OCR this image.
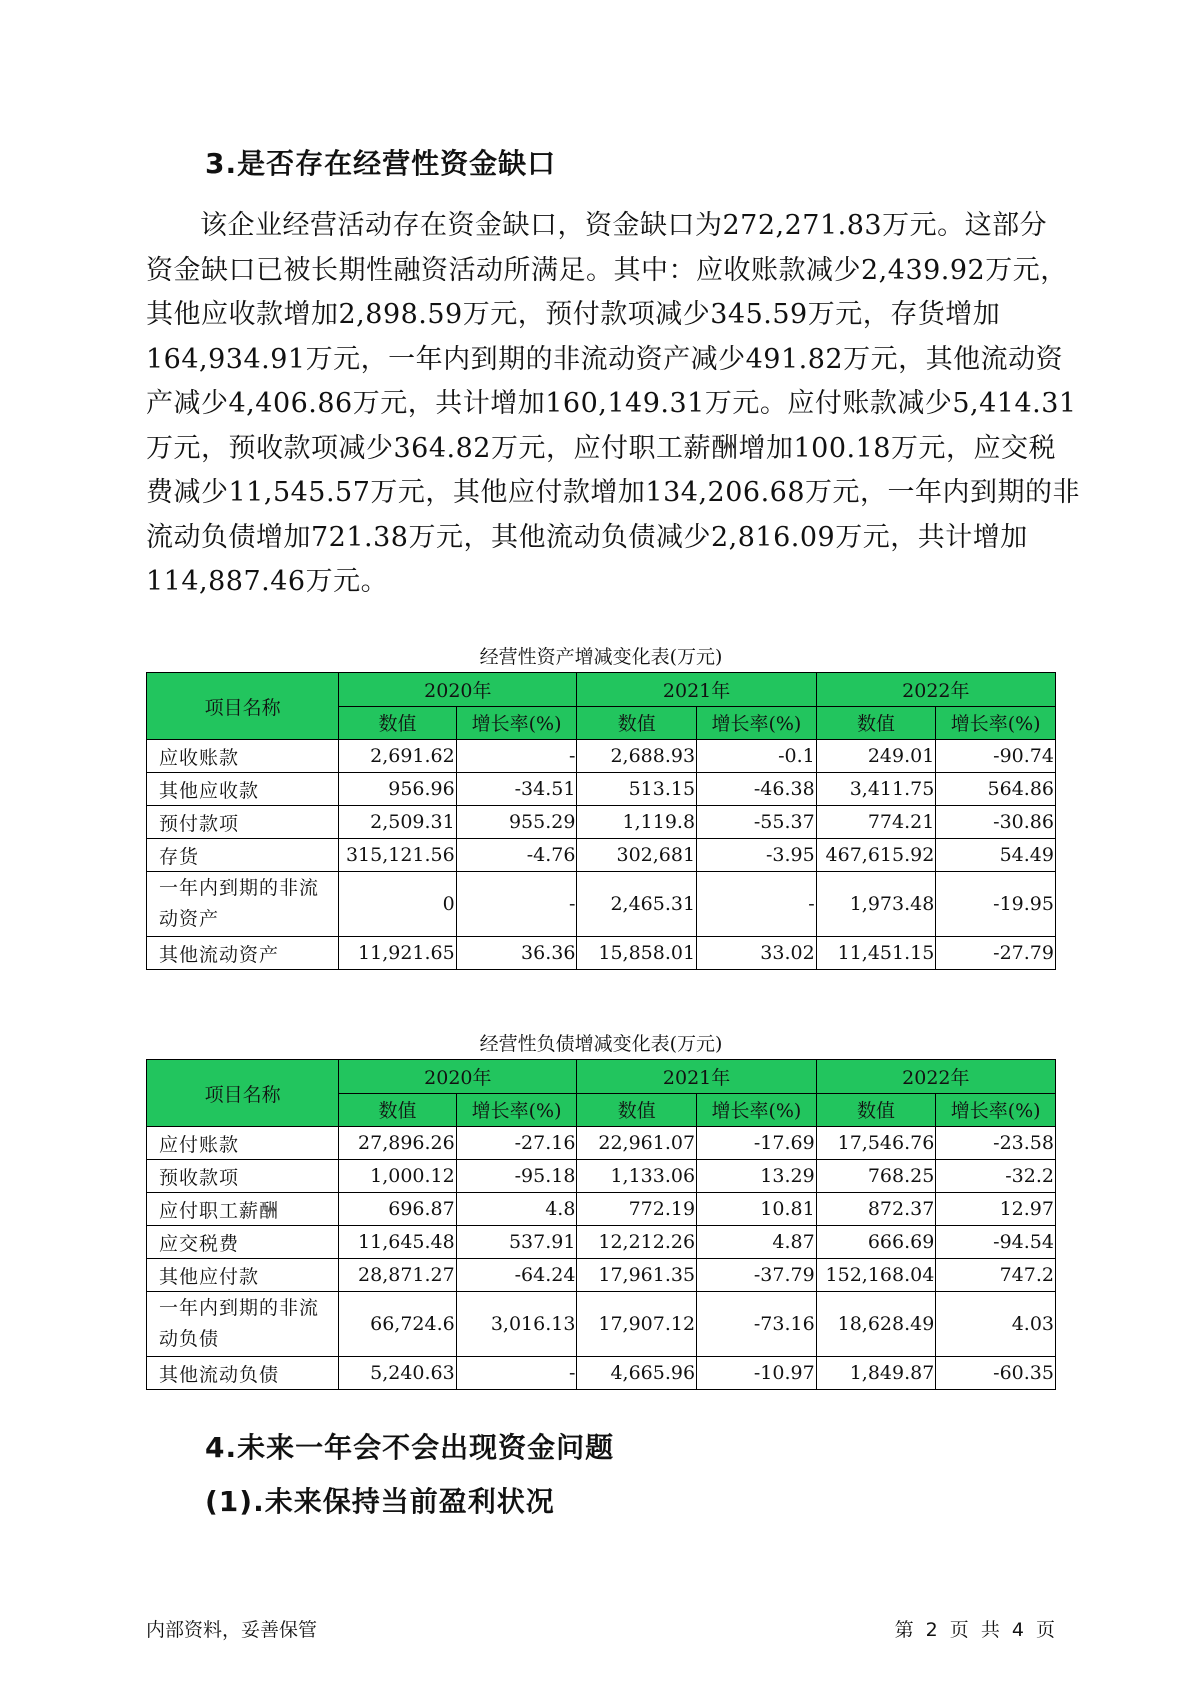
3.是否存在经营性资金缺口
该企业经营活动存在资金缺口，资金缺口为272,271.83万元。这部分
资金缺口已被长期性融资活动所满足。其中：应收账款减少2,439.92万元，
其他应收款增加2,898.59万元，预付款项减少345.59万元，存货增加
164,934.91万元，一年内到期的非流动资产减少491.82万元，其他流动资
产减少4,406.86万元，共计增加160,149.31万元。应付账款减少5,414.31
万元，预收款项减少364.82万元，应付职工薪酬增加100.18万元，应交税
费减少11,545.57万元，其他应付款增加134,206.68万元，一年内到期的非
流动负债增加721.38万元，其他流动负债减少2,816.09万元，共计增加
114,887.46万元。
经营性资产增减变化表(万元)
项目名称	2020年		2021年		2022年	
	数值	增长率(%)	数值	增长率(%)	数值	增长率(%)
应收账款	2,691.62	-	2,688.93	-0.1	249.01	-90.74
其他应收款	956.96	-34.51	513.15	-46.38	3,411.75	564.86
预付款项	2,509.31	955.29	1,119.8	-55.37	774.21	-30.86
存货	315,121.56	-4.76	302,681	-3.95	467,615.92	54.49
一年内到期的非流动资产	0	-	2,465.31	-	1,973.48	-19.95
其他流动资产	11,921.65	36.36	15,858.01	33.02	11,451.15	-27.79
经营性负债增减变化表(万元)
项目名称	2020年		2021年		2022年	
	数值	增长率(%)	数值	增长率(%)	数值	增长率(%)
应付账款	27,896.26	-27.16	22,961.07	-17.69	17,546.76	-23.58
预收款项	1,000.12	-95.18	1,133.06	13.29	768.25	-32.2
应付职工薪酬	696.87	4.8	772.19	10.81	872.37	12.97
应交税费	11,645.48	537.91	12,212.26	4.87	666.69	-94.54
其他应付款	28,871.27	-64.24	17,961.35	-37.79	152,168.04	747.2
一年内到期的非流动负债	66,724.6	3,016.13	17,907.12	-73.16	18,628.49	4.03
其他流动负债	5,240.63	-	4,665.96	-10.97	1,849.87	-60.35
4.未来一年会不会出现资金问题
(1).未来保持当前盈利状况
内部资料，妥善保管	第 2 页 共 4 页
